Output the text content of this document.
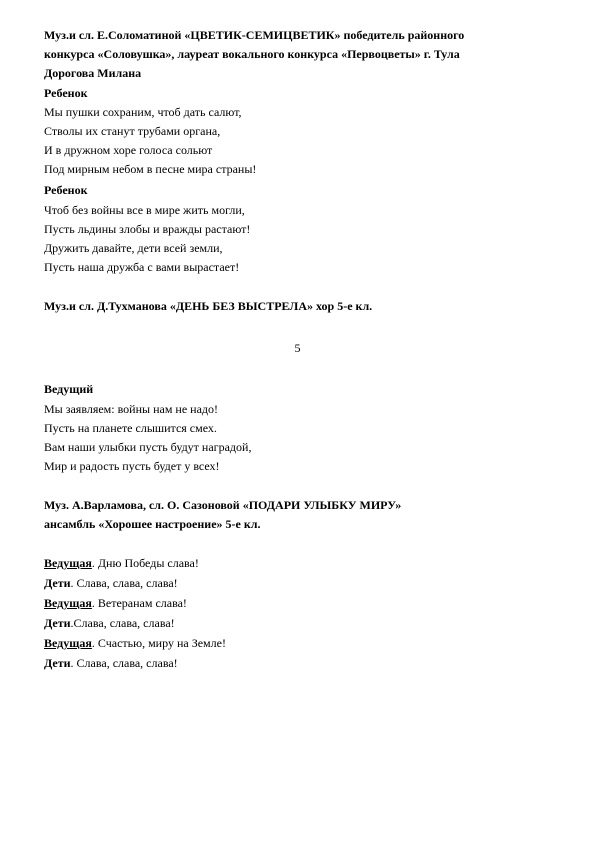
Муз.и сл. Е.Соломатиной «ЦВЕТИК-СЕМИЦВЕТИК» победитель районного
конкурса «Соловушка», лауреат вокального конкурса «Первоцветы» г. Тула
Дорогова Милана
Ребенок
Мы пушки сохраним, чтоб дать салют,
Стволы их станут трубами органа,
И в дружном хоре голоса сольют
Под мирным небом в песне мира страны!
Ребенок
Чтоб без войны все в мире жить могли,
Пусть льдины злобы и вражды растают!
Дружить давайте, дети всей земли,
Пусть наша дружба с вами вырастает!
Муз.и сл. Д.Тухманова «ДЕНЬ БЕЗ ВЫСТРЕЛА» хор 5-е кл.
5
Ведущий
Мы заявляем: войны нам не надо!
Пусть на планете слышится смех.
Вам наши улыбки пусть будут наградой,
Мир и радость пусть будет у всех!
Муз. А.Варламова, сл. О. Сазоновой «ПОДАРИ УЛЫБКУ МИРУ»
ансамбль «Хорошее настроение» 5-е кл.
Ведущая. Дню Победы слава!
Дети. Слава, слава, слава!
Ведущая. Ветеранам слава!
Дети.Слава, слава, слава!
Ведущая. Счастью, миру на Земле!
Дети. Слава, слава, слава!
